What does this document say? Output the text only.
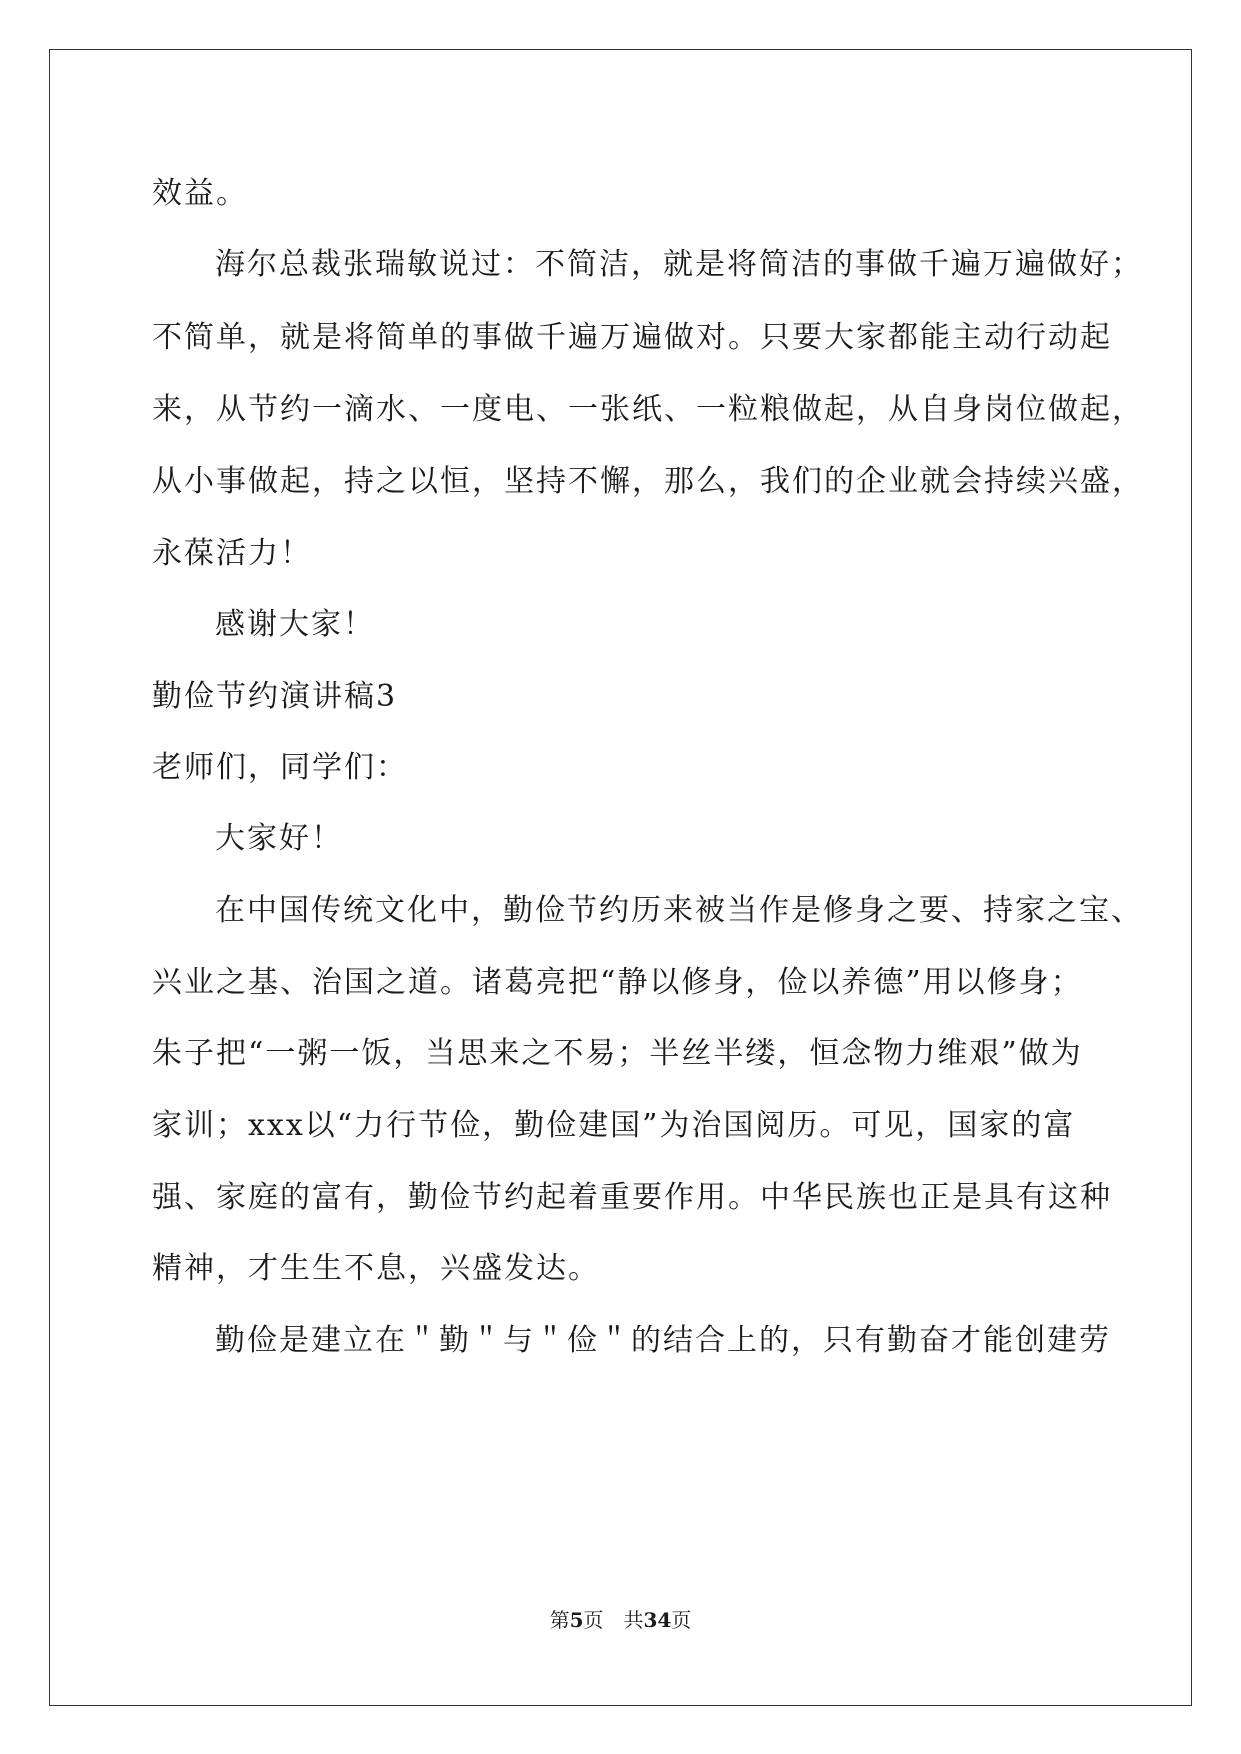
效益。
海尔总裁张瑞敏说过：不简洁，就是将简洁的事做千遍万遍做好；
不简单，就是将简单的事做千遍万遍做对。只要大家都能主动行动起
来，从节约一滴水、一度电、一张纸、一粒粮做起，从自身岗位做起，
从小事做起，持之以恒，坚持不懈，那么，我们的企业就会持续兴盛，
永葆活力！
感谢大家！
勤俭节约演讲稿3
老师们，同学们：
大家好！
在中国传统文化中，勤俭节约历来被当作是修身之要、持家之宝、
兴业之基、治国之道。诸葛亮把“静以修身，俭以养德”用以修身；
朱子把“一粥一饭，当思来之不易；半丝半缕，恒念物力维艰”做为
家训；xxx以“力行节俭，勤俭建国”为治国阅历。可见，国家的富
强、家庭的富有，勤俭节约起着重要作用。中华民族也正是具有这种
精神，才生生不息，兴盛发达。
勤俭是建立在＂勤＂与＂俭＂的结合上的，只有勤奋才能创建劳
第5页 共34页
